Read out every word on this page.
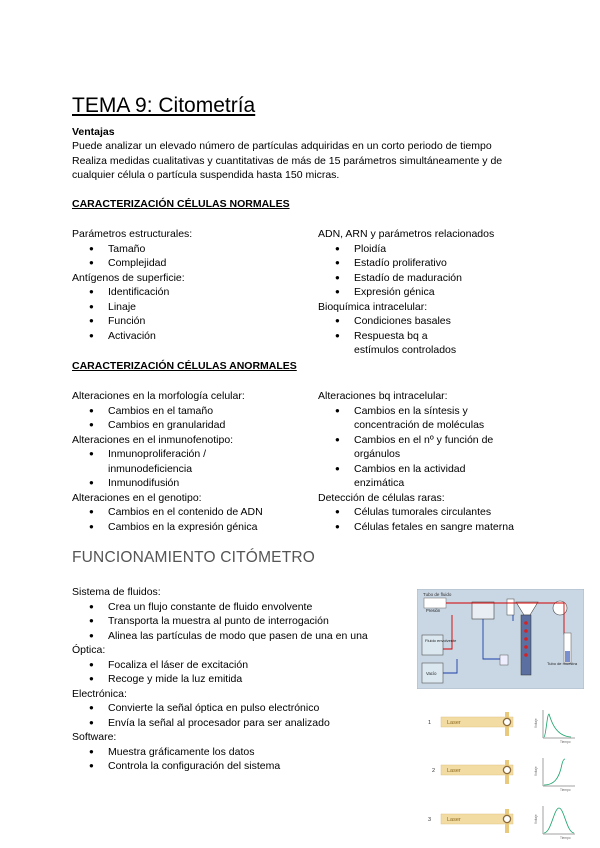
TEMA 9: Citometría
Ventajas
Puede analizar un elevado número de partículas adquiridas en un corto periodo de tiempo
Realiza medidas cualitativas y cuantitativas de más de 15 parámetros simultáneamente y de
cualquier célula o partícula suspendida hasta 150 micras.
CARACTERIZACIÓN CÉLULAS NORMALES
Parámetros estructurales:
● Tamaño
● Complejidad
Antígenos de superficie:
● Identificación
● Linaje
● Función
● Activación
ADN, ARN y parámetros relacionados
● Ploidía
● Estadío proliferativo
● Estadío de maduración
● Expresión génica
Bioquímica intracelular:
● Condiciones basales
● Respuesta bq a estímulos controlados
CARACTERIZACIÓN CÉLULAS ANORMALES
Alteraciones en la morfología celular:
● Cambios en el tamaño
● Cambios en granularidad
Alteraciones en el inmunofenotipo:
● Inmunoproliferación / inmunodeficiencia
● Inmunodifusión
Alteraciones en el genotipo:
● Cambios en el contenido de ADN
● Cambios en la expresión génica
Alteraciones bq intracelular:
● Cambios en la síntesis y concentración de moléculas
● Cambios en el nº y función de orgánulos
● Cambios en la actividad enzimática
Detección de células raras:
● Células tumorales circulantes
● Células fetales en sangre materna
FUNCIONAMIENTO CITÓMETRO
Sistema de fluidos:
● Crea un flujo constante de fluido envolvente
● Transporta la muestra al punto de interrogación
● Alinea las partículas de modo que pasen de una en una
Óptica:
● Focaliza el láser de excitación
● Recoge y mide la luz emitida
Electrónica:
● Convierte la señal óptica en pulso electrónico
● Envía la señal al procesador para ser analizado
Software:
● Muestra gráficamente los datos
● Controla la configuración del sistema
Tubo de fluido
Presión
Fluido envolvente
Vacío
Tubo de muestra
1	Laser	Voltaje
Tiempo
2 Laser	Voltaje
Tiempo
3	Laser	Voltaje
Tiempo
